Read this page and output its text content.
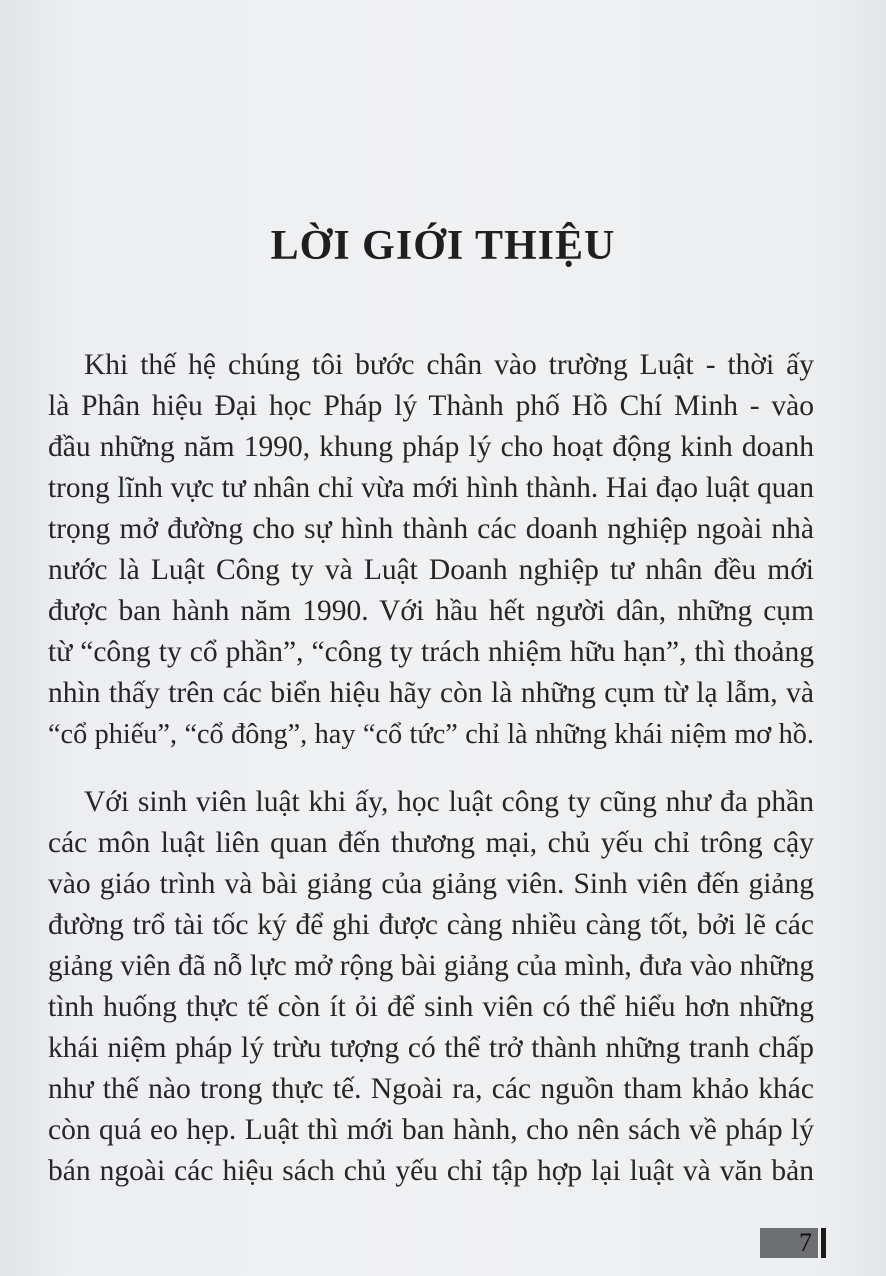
LỜI GIỚI THIỆU
Khi thế hệ chúng tôi bước chân vào trường Luật - thời ấy
là Phân hiệu Đại học Pháp lý Thành phố Hồ Chí Minh - vào
đầu những năm 1990, khung pháp lý cho hoạt động kinh doanh
trong lĩnh vực tư nhân chỉ vừa mới hình thành. Hai đạo luật quan
trọng mở đường cho sự hình thành các doanh nghiệp ngoài nhà
nước là Luật Công ty và Luật Doanh nghiệp tư nhân đều mới
được ban hành năm 1990. Với hầu hết người dân, những cụm
từ “công ty cổ phần”, “công ty trách nhiệm hữu hạn”, thì thoảng
nhìn thấy trên các biển hiệu hãy còn là những cụm từ lạ lẫm, và
“cổ phiếu”, “cổ đông”, hay “cổ tức” chỉ là những khái niệm mơ hồ.
Với sinh viên luật khi ấy, học luật công ty cũng như đa phần
các môn luật liên quan đến thương mại, chủ yếu chỉ trông cậy
vào giáo trình và bài giảng của giảng viên. Sinh viên đến giảng
đường trổ tài tốc ký để ghi được càng nhiều càng tốt, bởi lẽ các
giảng viên đã nỗ lực mở rộng bài giảng của mình, đưa vào những
tình huống thực tế còn ít ỏi để sinh viên có thể hiểu hơn những
khái niệm pháp lý trừu tượng có thể trở thành những tranh chấp
như thế nào trong thực tế. Ngoài ra, các nguồn tham khảo khác
còn quá eo hẹp. Luật thì mới ban hành, cho nên sách về pháp lý
bán ngoài các hiệu sách chủ yếu chỉ tập hợp lại luật và văn bản
7
